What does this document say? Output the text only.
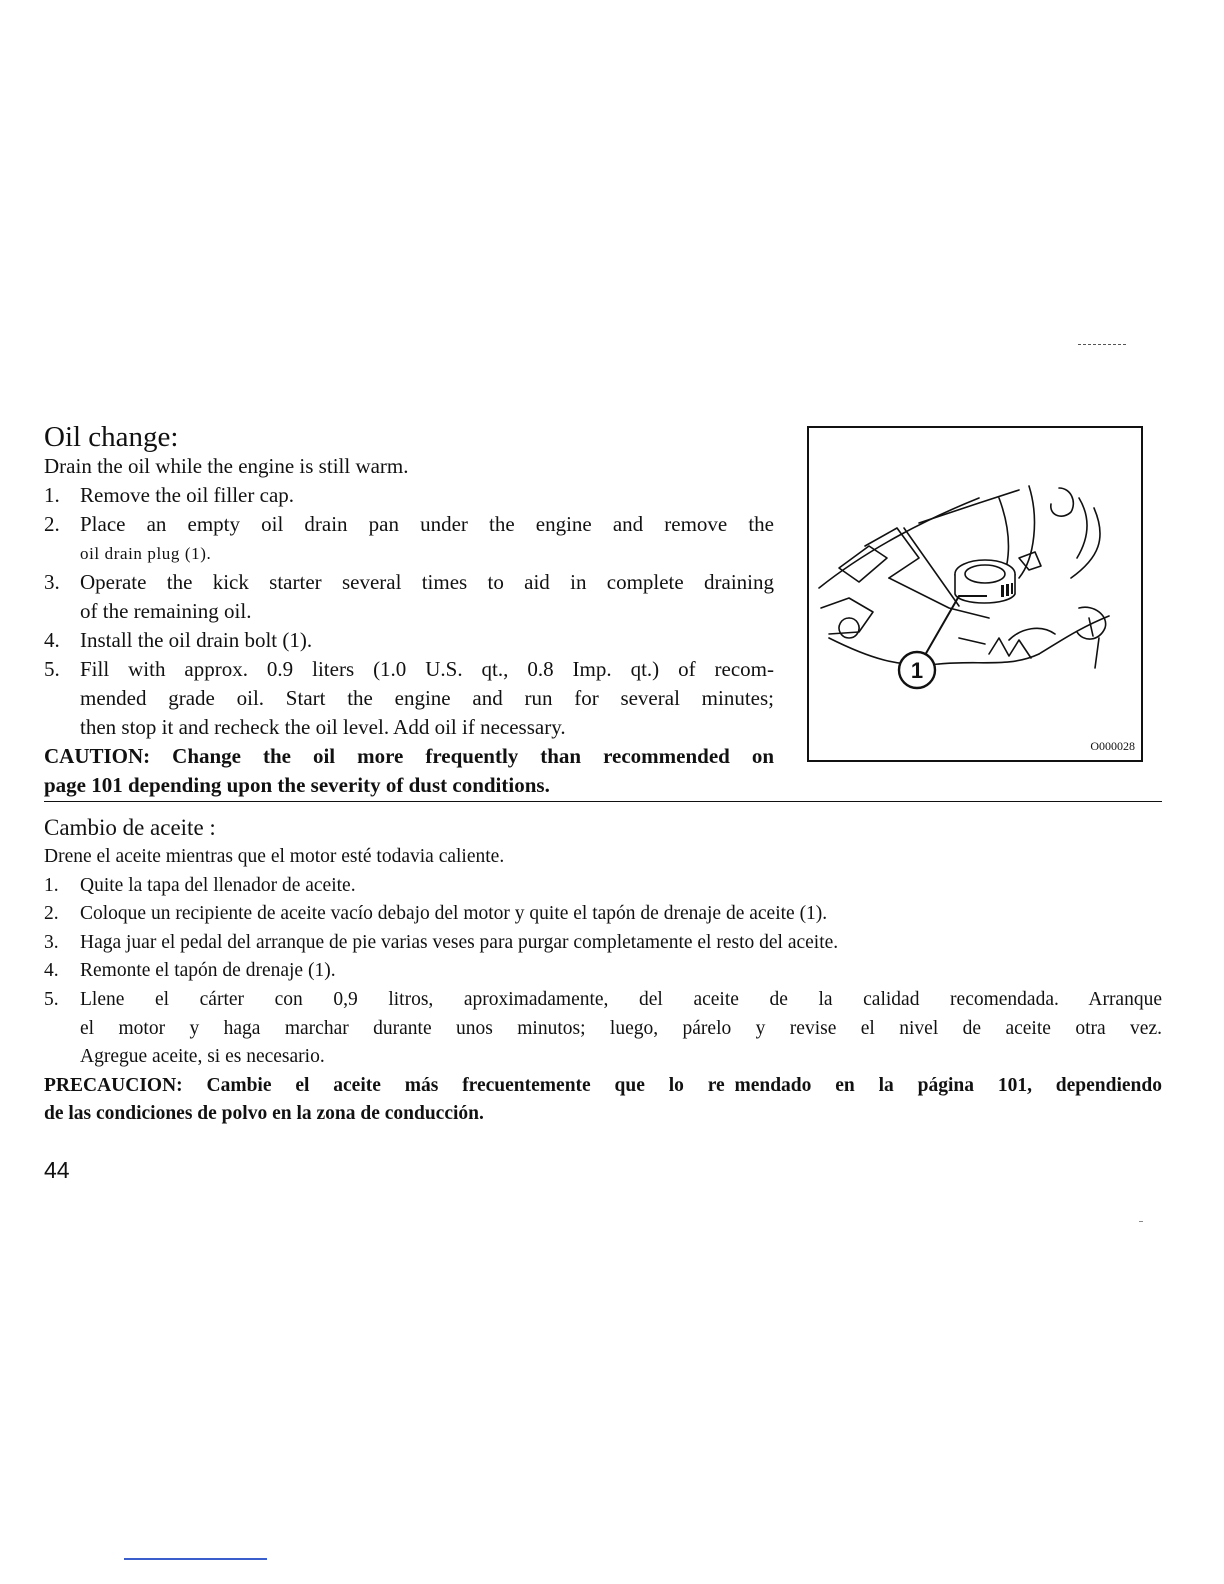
Oil change:
Drain the oil while the engine is still warm.
1. Remove the oil filler cap.
2. Place an empty oil drain pan under the engine and remove the
oil drain plug (1).
3. Operate the kick starter several times to aid in complete draining
of the remaining oil.
4. Install the oil drain bolt (1).
5. Fill with approx. 0.9 liters (1.0 U.S. qt., 0.8 Imp. qt.) of recom-
mended grade oil. Start the engine and run for several minutes;
then stop it and recheck the oil level. Add oil if necessary.
CAUTION: Change the oil more frequently than recommended on
page 101 depending upon the severity of dust conditions.
1
O000028
Cambio de aceite :
Drene el aceite mientras que el motor esté todavia caliente.
1.	Quite la tapa del llenador de aceite.
2.	Coloque un recipiente de aceite vacío debajo del motor y quite el tapón de drenaje de aceite (1).
3.	Haga juar el pedal del arranque de pie varias veses para purgar completamente el resto del aceite.
4.	Remonte el tapón de drenaje (1).
5.	Llene el cárter con 0,9 litros, aproximadamente, del aceite de la calidad recomendada. Arranque
el motor y haga marchar durante unos minutos; luego, párelo y revise el nivel de aceite otra vez.
Agregue aceite, si es necesario.
PRECAUCION: Cambie el aceite más frecuentemente que lo re  mendado en la página 101, dependiendo
de las condiciones de polvo en la zona de conducción.
44
